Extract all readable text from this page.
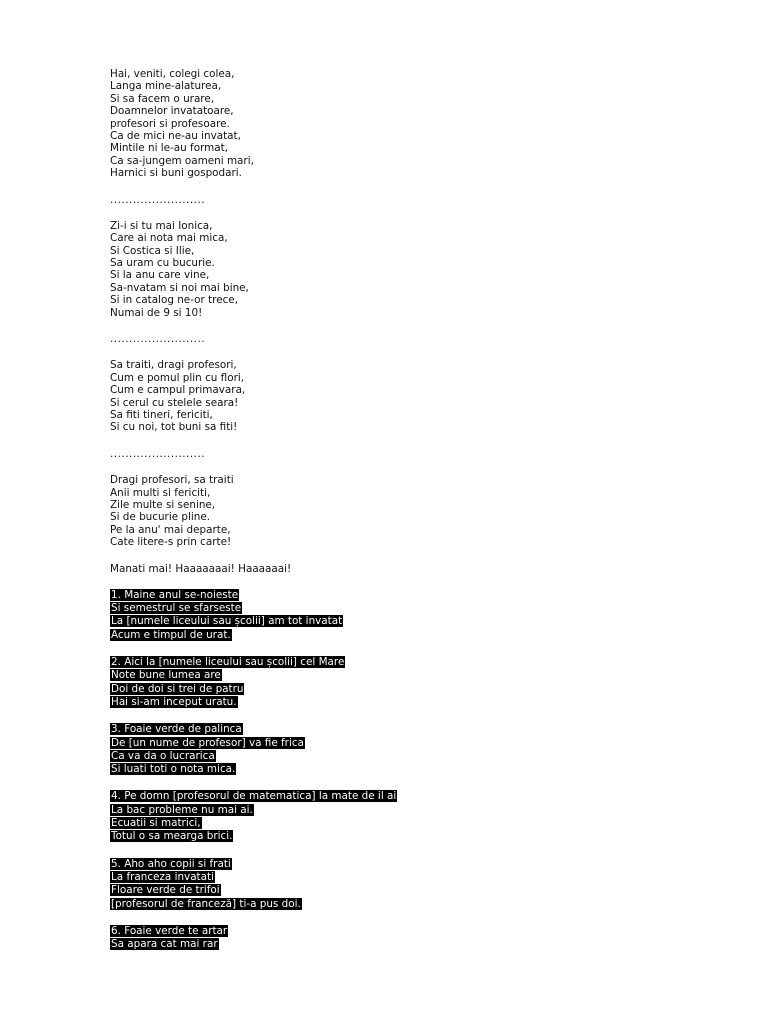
Hai, veniti, colegi colea,
Langa mine-alaturea,
Si sa facem o urare,
Doamnelor invatatoare,
profesori si profesoare.
Ca de mici ne-au invatat,
Mintile ni le-au format,
Ca sa-jungem oameni mari,
Harnici si buni gospodari.
.........................
Zi-i si tu mai Ionica,
Care ai nota mai mica,
Si Costica si Ilie,
Sa uram cu bucurie.
Si la anu care vine,
Sa-nvatam si noi mai bine,
Si in catalog ne-or trece,
Numai de 9 si 10!
.........................
Sa traiti, dragi profesori,
Cum e pomul plin cu flori,
Cum e campul primavara,
Si cerul cu stelele seara!
Sa fiti tineri, fericiti,
Si cu noi, tot buni sa fiti!
.........................
Dragi profesori, sa traiti
Anii multi si fericiti,
Zile multe si senine,
Si de bucurie pline.
Pe la anu' mai departe,
Cate litere-s prin carte!
Manati mai! Haaaaaaai! Haaaaaai!
1. Maine anul se-noieste
Si semestrul se sfarseste
La [numele liceului sau școlii] am tot invatat
Acum e timpul de urat.
2. Aici la [numele liceului sau școlii] cel Mare
Note bune lumea are
Doi de doi si trei de patru
Hai si-am inceput uratu.
3. Foaie verde de palinca
De [un nume de profesor] va fie frica
Ca va da o lucrarica
Si luati toti o nota mica.
4. Pe domn [profesorul de matematica] la mate de il ai
La bac probleme nu mai ai.
Ecuatii si matrici,
Totul o sa mearga brici.
5. Aho aho copii si frati
La franceza invatati
Floare verde de trifoi
[profesorul de franceză] ti-a pus doi.
6. Foaie verde te artar
Sa apara cat mai rar
